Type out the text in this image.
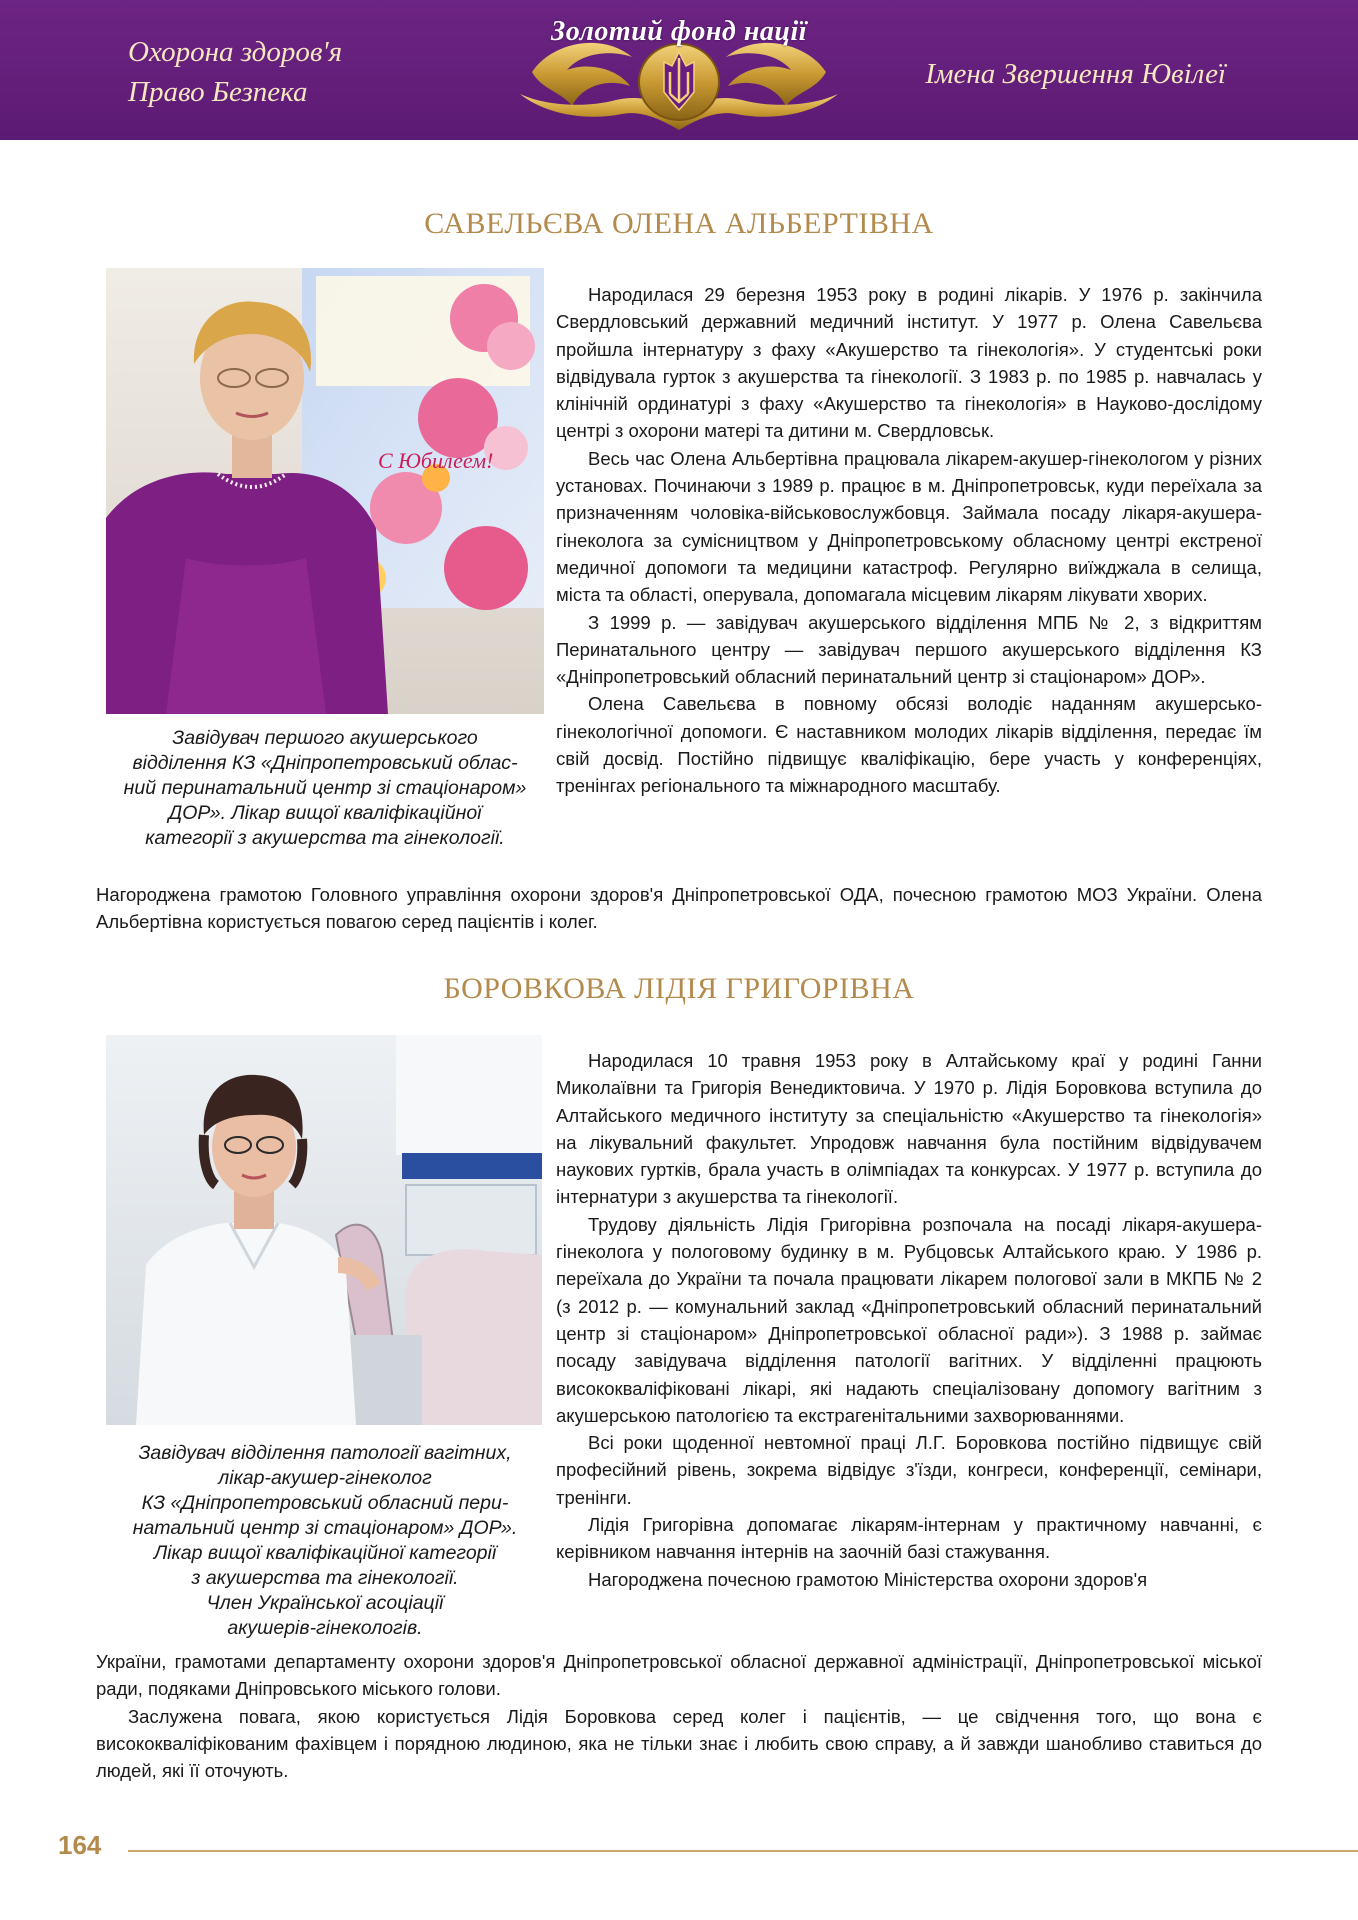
Охорона здоров'я
Право Безпека
Золотий фонд нації
Імена Звершення Ювілеї
САВЕЛЬЄВА ОЛЕНА АЛЬБЕРТІВНА
С Юбилеем!
Завідувач першого акушерського
відділення КЗ «Дніпропетровський облас-
ний перинатальний центр зі стаціонаром»
ДОР». Лікар вищої кваліфікаційної
категорії з акушерства та гінекології.

Народилася 29 березня 1953 року в родині лікарів. У 1976 р. закінчила Свердловський державний медичний інститут. У 1977 р. Олена Савельєва пройшла інтернатуру з фаху «Акушерство та гінекологія». У студентські роки відвідувала гурток з акушерства та гінекології. З 1983 р. по 1985 р. навчалась у клінічній ординатурі з фаху «Акушерство та гінекологія» в Науково-дослідому центрі з охорони матері та дитини м. Свердловськ.

Весь час Олена Альбертівна працювала лікарем-акушер-гінекологом у різних установах. Починаючи з 1989 р. працює в м. Дніпропетровськ, куди переїхала за призначенням чоловіка-військовослужбовця. Займала посаду лікаря-акушера-гінеколога за сумісництвом у Дніпропетровському обласному центрі екстреної медичної допомоги та медицини катастроф. Регулярно виїжджала в селища, міста та області, оперувала, допомагала місцевим лікарям лікувати хворих.

З 1999 р. — завідувач акушерського відділення МПБ № 2, з відкриттям Перинатального центру — завідувач першого акушерського відділення КЗ «Дніпропетровський обласний перинатальний центр зі стаціонаром» ДОР».

Олена Савельєва в повному обсязі володіє наданням акушерсько-гінекологічної допомоги. Є наставником молодих лікарів відділення, передає їм свій досвід. Постійно підвищує кваліфікацію, бере участь у конференціях, тренінгах регіонального та міжнародного масштабу.

Нагороджена грамотою Головного управління охорони здоров'я Дніпропетровської ОДА, почесною грамотою МОЗ України. Олена Альбертівна користується повагою серед пацієнтів і колег.

БОРОВКОВА ЛІДІЯ ГРИГОРІВНА
Завідувач відділення патології вагітних,
лікар-акушер-гінеколог
КЗ «Дніпропетровський обласний пери-
натальний центр зі стаціонаром» ДОР».
Лікар вищої кваліфікаційної категорії
з акушерства та гінекології.
Член Української асоціації
акушерів-гінекологів.

Народилася 10 травня 1953 року в Алтайському краї у родині Ганни Миколаївни та Григорія Венедиктовича. У 1970 р. Лідія Боровкова вступила до Алтайського медичного інституту за спеціальністю «Акушерство та гінекологія» на лікувальний факультет. Упродовж навчання була постійним відвідувачем наукових гуртків, брала участь в олімпіадах та конкурсах. У 1977 р. вступила до інтернатури з акушерства та гінекології.

Трудову діяльність Лідія Григорівна розпочала на посаді лікаря-акушера-гінеколога у пологовому будинку в м. Рубцовськ Алтайського краю. У 1986 р. переїхала до України та почала працювати лікарем пологової зали в МКПБ № 2 (з 2012 р. — комунальний заклад «Дніпропетровський обласний перинатальний центр зі стаціонаром» Дніпропетровської обласної ради»). З 1988 р. займає посаду завідувача відділення патології вагітних. У відділенні працюють висококваліфіковані лікарі, які надають спеціалізовану допомогу вагітним з акушерською патологією та екстрагенітальними захворюваннями.

Всі роки щоденної невтомної праці Л.Г. Боровкова постійно підвищує свій професійний рівень, зокрема відвідує з'їзди, конгреси, конференції, семінари, тренінги.

Лідія Григорівна допомагає лікарям-інтернам у практичному навчанні, є керівником навчання інтернів на заочній базі стажування.

Нагороджена почесною грамотою Міністерства охорони здоров'я

України, грамотами департаменту охорони здоров'я Дніпропетровської обласної державної адміністрації, Дніпропетровської міської ради, подяками Дніпровського міського голови.

Заслужена повага, якою користується Лідія Боровкова серед колег і пацієнтів, — це свідчення того, що вона є висококваліфікованим фахівцем і порядною людиною, яка не тільки знає і любить свою справу, а й завжди шанобливо ставиться до людей, які її оточують.

164
